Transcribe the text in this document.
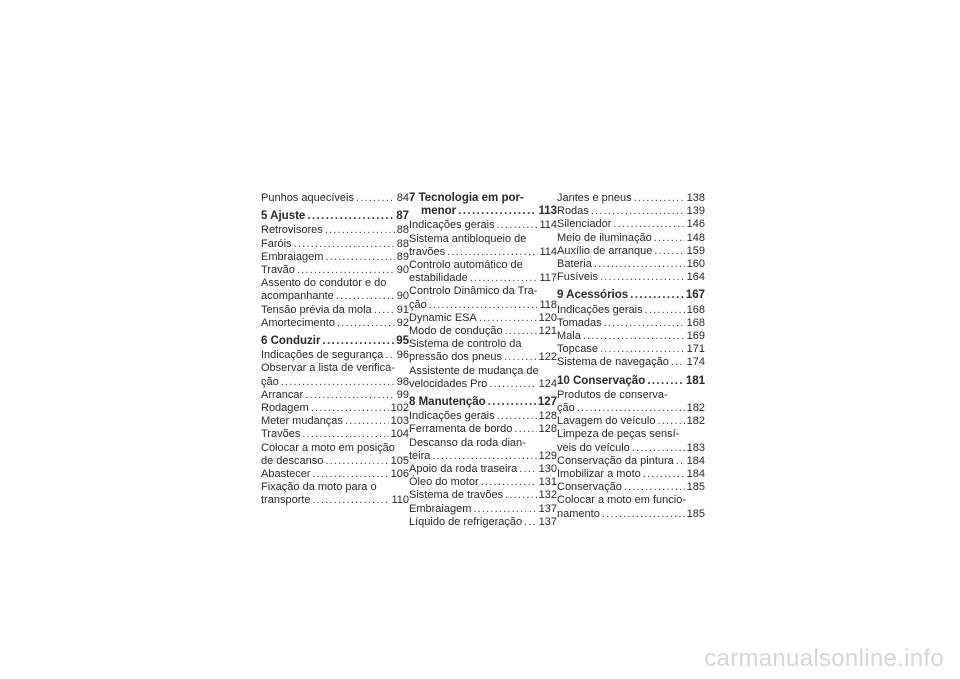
Punhos aquecíveis .....	84
5 Ajuste .....	87
Retrovisores .....	88
Faróis .....	88
Embraiagem .....	89
Travão .....	90
Assento do condutor e do
acompanhante .....	90
Tensão prévia da mola ..... 91
Amortecimento .....	92
6 Conduzir .....	95
Indicações de segurança ..... 96
Observar a lista de verifica-
ção .....	98
Arrancar .....	99
Rodagem .....	102
Meter mudanças .....	103
Travões .....	104
Colocar a moto em posição
de descanso .....	105
Abastecer .....	106
Fixação da moto para o
transporte .....	110
7 Tecnologia em por-
menor .....	113
Indicações gerais .....	114
Sistema antibloqueio de
travões .....	114
Controlo automático de
estabilidade .....	117
Controlo Dinâmico da Tra-
ção .....	118
Dynamic ESA .....	120
Modo de condução .....	121
Sistema de controlo da
pressão dos pneus .....	122
Assistente de mudança de
velocidades Pro .....	124
8 Manutenção .....	127
Indicações gerais .....	128
Ferramenta de bordo ..... 128
Descanso da roda dian-
teira .....	129
Apoio da roda traseira ..... 130
Óleo do motor .....	131
Sistema de travões .....	132
Embraiagem .....	137
Líquido de refrigeração ..... 137
Jantes e pneus .....	138
Rodas .....	139
Silenciador .....	146
Meio de iluminação .....	148
Auxílio de arranque .....	159
Bateria .....	160
Fusíveis .....	164
9 Acessórios .....	167
Indicações gerais .....	168
Tomadas .....	168
Mala .....	169
Topcase .....	171
Sistema de navegação ..... 174
10 Conservação .....	181
Produtos de conserva-
ção .....	182
Lavagem do veículo .....	182
Limpeza de peças sensí-
veis do veículo .....	183
Conservação da pintura ..... 184
Imobilizar a moto .....	184
Conservação .....	185
Colocar a moto em funcio-
namento .....	185
carmanualsonline.info
